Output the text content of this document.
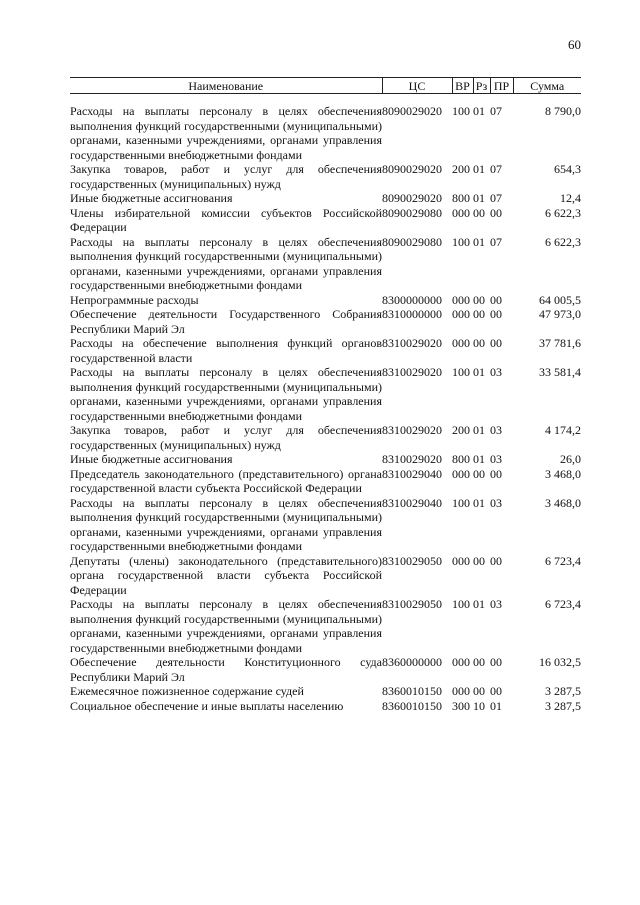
60
Наименование	ЦС	ВР	Рз	ПР	Сумма
Расходы на выплаты персоналу в целях обеспечения выполнения функций государственными (муниципальными) органами, казенными учреждениями, органами управления государственными внебюджетными фондами	8090029020	100	01	07	8 790,0
Закупка товаров, работ и услуг для обеспечения государственных (муниципальных) нужд	8090029020	200	01	07	654,3
Иные бюджетные ассигнования	8090029020	800	01	07	12,4
Члены избирательной комиссии субъектов Российской Федерации	8090029080	000	00	00	6 622,3
Расходы на выплаты персоналу в целях обеспечения выполнения функций государственными (муниципальными) органами, казенными учреждениями, органами управления государственными внебюджетными фондами	8090029080	100	01	07	6 622,3
Непрограммные расходы	8300000000	000	00	00	64 005,5
Обеспечение деятельности Государственного Собрания Республики Марий Эл	8310000000	000	00	00	47 973,0
Расходы на обеспечение выполнения функций органов государственной власти	8310029020	000	00	00	37 781,6
Расходы на выплаты персоналу в целях обеспечения выполнения функций государственными (муниципальными) органами, казенными учреждениями, органами управления государственными внебюджетными фондами	8310029020	100	01	03	33 581,4
Закупка товаров, работ и услуг для обеспечения государственных (муниципальных) нужд	8310029020	200	01	03	4 174,2
Иные бюджетные ассигнования	8310029020	800	01	03	26,0
Председатель законодательного (представительного) органа государственной власти субъекта Российской Федерации	8310029040	000	00	00	3 468,0
Расходы на выплаты персоналу в целях обеспечения выполнения функций государственными (муниципальными) органами, казенными учреждениями, органами управления государственными внебюджетными фондами	8310029040	100	01	03	3 468,0
Депутаты (члены) законодательного (представительного) органа государственной власти субъекта Российской Федерации	8310029050	000	00	00	6 723,4
Расходы на выплаты персоналу в целях обеспечения выполнения функций государственными (муниципальными) органами, казенными учреждениями, органами управления государственными внебюджетными фондами	8310029050	100	01	03	6 723,4
Обеспечение деятельности Конституционного суда Республики Марий Эл	8360000000	000	00	00	16 032,5
Ежемесячное пожизненное содержание судей	8360010150	000	00	00	3 287,5
Социальное обеспечение и иные выплаты населению	8360010150	300	10	01	3 287,5
